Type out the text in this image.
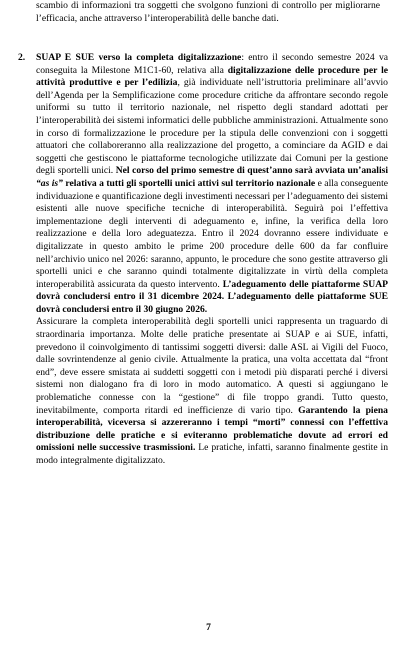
scambio di informazioni tra soggetti che svolgono funzioni di controllo per migliorarne l’efficacia, anche attraverso l’interoperabilità delle banche dati.
2.	SUAP E SUE verso la completa digitalizzazione: entro il secondo semestre 2024 va conseguita la Milestone M1C1-60, relativa alla digitalizzazione delle procedure per le attività produttive e per l’edilizia, già individuate nell’istruttoria preliminare all’avvio dell’Agenda per la Semplificazione come procedure critiche da affrontare secondo regole uniformi su tutto il territorio nazionale, nel rispetto degli standard adottati per l’interoperabilità dei sistemi informatici delle pubbliche amministrazioni. Attualmente sono in corso di formalizzazione le procedure per la stipula delle convenzioni con i soggetti attuatori che collaboreranno alla realizzazione del progetto, a cominciare da AGID e dai soggetti che gestiscono le piattaforme tecnologiche utilizzate dai Comuni per la gestione degli sportelli unici. Nel corso del primo semestre di quest’anno sarà avviata un’analisi “as is” relativa a tutti gli sportelli unici attivi sul territorio nazionale e alla conseguente individuazione e quantificazione degli investimenti necessari per l’adeguamento dei sistemi esistenti alle nuove specifiche tecniche di interoperabilità. Seguirà poi l’effettiva implementazione degli interventi di adeguamento e, infine, la verifica della loro realizzazione e della loro adeguatezza. Entro il 2024 dovranno essere individuate e digitalizzate in questo ambito le prime 200 procedure delle 600 da far confluire nell’archivio unico nel 2026: saranno, appunto, le procedure che sono gestite attraverso gli sportelli unici e che saranno quindi totalmente digitalizzate in virtù della completa interoperabilità assicurata da questo intervento. L’adeguamento delle piattaforme SUAP dovrà concludersi entro il 31 dicembre 2024. L’adeguamento delle piattaforme SUE dovrà concludersi entro il 30 giugno 2026.

Assicurare la completa interoperabilità degli sportelli unici rappresenta un traguardo di straordinaria importanza. Molte delle pratiche presentate ai SUAP e ai SUE, infatti, prevedono il coinvolgimento di tantissimi soggetti diversi: dalle ASL ai Vigili del Fuoco, dalle sovrintendenze al genio civile. Attualmente la pratica, una volta accettata dal “front end”, deve essere smistata ai suddetti soggetti con i metodi più disparati perché i diversi sistemi non dialogano fra di loro in modo automatico. A questi si aggiungano le problematiche connesse con la “gestione” di file troppo grandi. Tutto questo, inevitabilmente, comporta ritardi ed inefficienze di vario tipo. Garantendo la piena interoperabilità, viceversa si azzereranno i tempi “morti” connessi con l’effettiva distribuzione delle pratiche e si eviteranno problematiche dovute ad errori ed omissioni nelle successive trasmissioni. Le pratiche, infatti, saranno finalmente gestite in modo integralmente digitalizzato.

7
